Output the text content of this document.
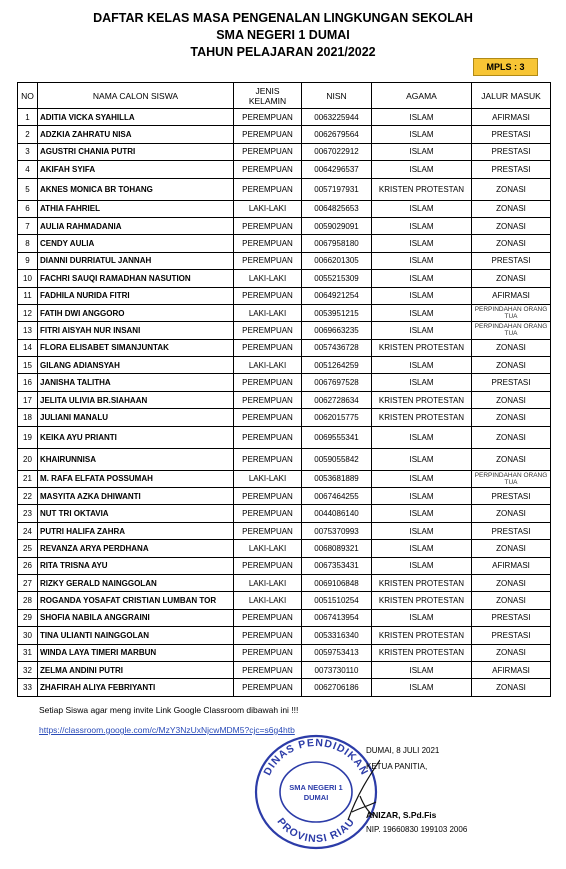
DAFTAR KELAS MASA PENGENALAN LINGKUNGAN SEKOLAH
SMA NEGERI 1 DUMAI
TAHUN PELAJARAN 2021/2022
MPLS : 3
NO	NAMA CALON SISWA	JENIS KELAMIN	NISN	AGAMA	JALUR MASUK
1	ADITIA VICKA SYAHILLA	PEREMPUAN	0063225944	ISLAM	AFIRMASI
2	ADZKIA ZAHRATU NISA	PEREMPUAN	0062679564	ISLAM	PRESTASI
3	AGUSTRI CHANIA PUTRI	PEREMPUAN	0067022912	ISLAM	PRESTASI
4	AKIFAH SYIFA	PEREMPUAN	0064296537	ISLAM	PRESTASI
5	AKNES MONICA BR TOHANG	PEREMPUAN	0057197931	KRISTEN PROTESTAN	ZONASI
6	ATHIA FAHRIEL	LAKI-LAKI	0064825653	ISLAM	ZONASI
7	AULIA RAHMADANIA	PEREMPUAN	0059029091	ISLAM	ZONASI
8	CENDY AULIA	PEREMPUAN	0067958180	ISLAM	ZONASI
9	DIANNI DURRIATUL JANNAH	PEREMPUAN	0066201305	ISLAM	PRESTASI
10	FACHRI SAUQI RAMADHAN NASUTION	LAKI-LAKI	0055215309	ISLAM	ZONASI
11	FADHILA NURIDA FITRI	PEREMPUAN	0064921254	ISLAM	AFIRMASI
12	FATIH DWI ANGGORO	LAKI-LAKI	0053951215	ISLAM	PERPINDAHAN ORANG TUA
13	FITRI AISYAH NUR INSANI	PEREMPUAN	0069663235	ISLAM	PERPINDAHAN ORANG TUA
14	FLORA ELISABET SIMANJUNTAK	PEREMPUAN	0057436728	KRISTEN PROTESTAN	ZONASI
15	GILANG ADIANSYAH	LAKI-LAKI	0051264259	ISLAM	ZONASI
16	JANISHA TALITHA	PEREMPUAN	0067697528	ISLAM	PRESTASI
17	JELITA ULIVIA BR.SIAHAAN	PEREMPUAN	0062728634	KRISTEN PROTESTAN	ZONASI
18	JULIANI MANALU	PEREMPUAN	0062015775	KRISTEN PROTESTAN	ZONASI
19	KEIKA AYU PRIANTI	PEREMPUAN	0069555341	ISLAM	ZONASI
20	KHAIRUNNISA	PEREMPUAN	0059055842	ISLAM	ZONASI
21	M. RAFA ELFATA POSSUMAH	LAKI-LAKI	0053681889	ISLAM	PERPINDAHAN ORANG TUA
22	MASYITA AZKA DHIWANTI	PEREMPUAN	0067464255	ISLAM	PRESTASI
23	NUT TRI OKTAVIA	PEREMPUAN	0044086140	ISLAM	ZONASI
24	PUTRI HALIFA ZAHRA	PEREMPUAN	0075370993	ISLAM	PRESTASI
25	REVANZA ARYA PERDHANA	LAKI-LAKI	0068089321	ISLAM	ZONASI
26	RITA TRISNA AYU	PEREMPUAN	0067353431	ISLAM	AFIRMASI
27	RIZKY GERALD NAINGGOLAN	LAKI-LAKI	0069106848	KRISTEN PROTESTAN	ZONASI
28	ROGANDA YOSAFAT CRISTIAN LUMBAN TOR	LAKI-LAKI	0051510254	KRISTEN PROTESTAN	ZONASI
29	SHOFIA NABILA ANGGRAINI	PEREMPUAN	0067413954	ISLAM	PRESTASI
30	TINA ULIANTI NAINGGOLAN	PEREMPUAN	0053316340	KRISTEN PROTESTAN	PRESTASI
31	WINDA LAYA TIMERI MARBUN	PEREMPUAN	0059753413	KRISTEN PROTESTAN	ZONASI
32	ZELMA ANDINI PUTRI	PEREMPUAN	0073730110	ISLAM	AFIRMASI
33	ZHAFIRAH ALIYA FEBRIYANTI	PEREMPUAN	0062706186	ISLAM	ZONASI
Setiap Siswa agar meng invite Link Google Classroom dibawah ini !!!
https://classroom.google.com/c/MzY3NzUxNjcwMDM5?cjc=s6g4htb
DINAS PENDIDIKAN
PROVINSI RIAU
SMA NEGERI 1
DUMAI
DUMAI, 8 JULI 2021
KETUA PANITIA,
ANIZAR, S.Pd.Fis
NIP. 19660830 199103 2006
